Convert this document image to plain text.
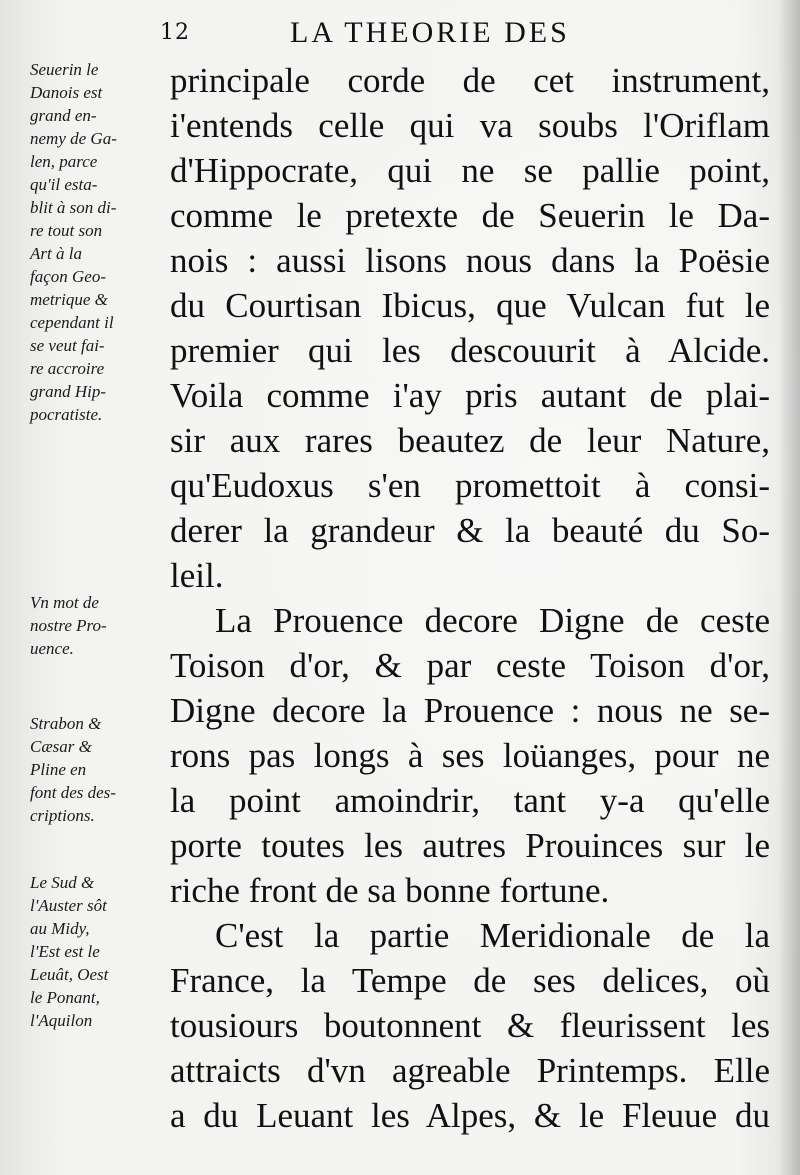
12	LA THEORIE DES
Seuerin le
Danois est
grand en-
nemy de Ga-
len, parce
qu'il esta-
blit à son di-
re tout son
Art à la
façon Geo-
metrique &
cependant il
se veut fai-
re accroire
grand Hip-
pocratiste.
Vn mot de
nostre Pro-
uence.
Strabon &
Cæsar &
Pline en
font des des-
criptions.
Le Sud &
l'Auster sôt
au Midy,
l'Est est le
Leuât, Oest
le Ponant,
l'Aquilon
principale corde de cet instrument,
i'entends celle qui va soubs l'Oriflam
d'Hippocrate, qui ne se pallie point,
comme le pretexte de Seuerin le Da-
nois : aussi lisons nous dans la Poësie
du Courtisan Ibicus, que Vulcan fut le
premier qui les descouurit à Alcide.
Voila comme i'ay pris autant de plai-
sir aux rares beautez de leur Nature,
qu'Eudoxus s'en promettoit à consi-
derer la grandeur & la beauté du So-
leil.
La Prouence decore Digne de ceste
Toison d'or, & par ceste Toison d'or,
Digne decore la Prouence : nous ne se-
rons pas longs à ses loüanges, pour ne
la point amoindrir, tant y-a qu'elle
porte toutes les autres Prouinces sur le
riche front de sa bonne fortune.
C'est la partie Meridionale de la
France, la Tempe de ses delices, où
tousiours boutonnent & fleurissent les
attraicts d'vn agreable Printemps. Elle
a du Leuant les Alpes, & le Fleuue du
